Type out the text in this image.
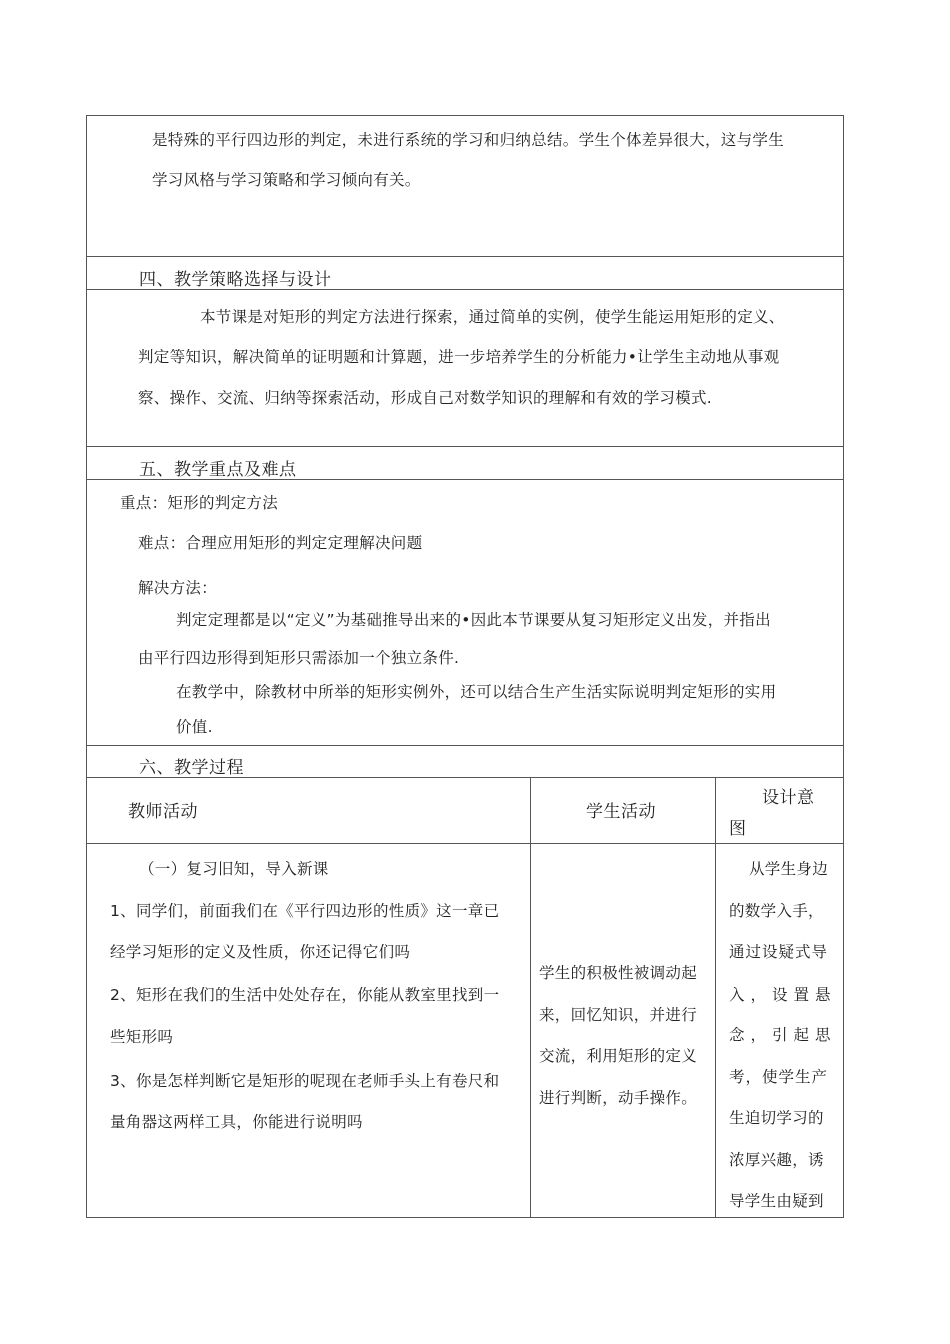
是特殊的平行四边形的判定，未进行系统的学习和归纳总结。学生个体差异很大，这与学生
学习风格与学习策略和学习倾向有关。
四、教学策略选择与设计
本节课是对矩形的判定方法进行探索，通过简单的实例，使学生能运用矩形的定义、
判定等知识，解决简单的证明题和计算题，进一步培养学生的分析能力•让学生主动地从事观
察、操作、交流、归纳等探索活动，形成自己对数学知识的理解和有效的学习模式.
五、教学重点及难点
重点：矩形的判定方法
难点：合理应用矩形的判定定理解决问题
解决方法：
判定定理都是以“定义”为基础推导出来的•因此本节课要从复习矩形定义出发，并指出
由平行四边形得到矩形只需添加一个独立条件.
在教学中，除教材中所举的矩形实例外，还可以结合生产生活实际说明判定矩形的实用
价值.
六、教学过程
教师活动	学生活动
设计意
图
（一）复习旧知，导入新课
1、同学们，前面我们在《平行四边形的性质》这一章已
经学习矩形的定义及性质，你还记得它们吗
2、矩形在我们的生活中处处存在，你能从教室里找到一
些矩形吗
3、你是怎样判断它是矩形的呢现在老师手头上有卷尺和
量角器这两样工具，你能进行说明吗
学生的积极性被调动起
来，回忆知识，并进行
交流，利用矩形的定义
进行判断，动手操作。
从学生身边
的数学入手，
通过设疑式导
入，设置悬
念，引起思
考，使学生产
生迫切学习的
浓厚兴趣，诱
导学生由疑到
